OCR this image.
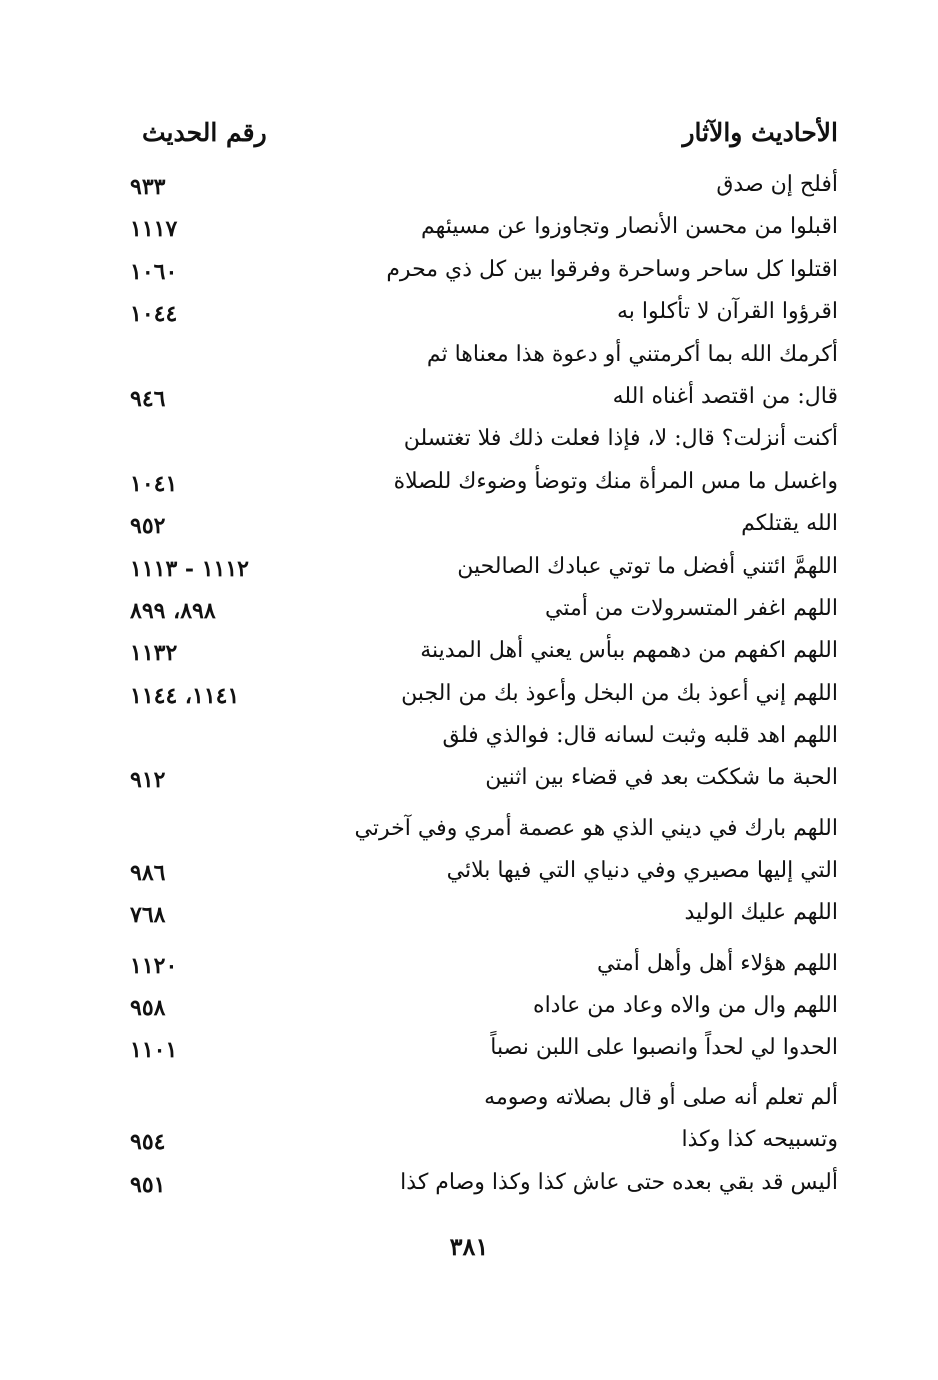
الأحاديث والآثار
رقم الحديث
أفلح إن صدق
٩٣٣
اقبلوا من محسن الأنصار وتجاوزوا عن مسيئهم
١١١٧
اقتلوا كل ساحر وساحرة وفرقوا بين كل ذي محرم
١٠٦٠
اقرؤوا القرآن لا تأكلوا به
١٠٤٤
أكرمك الله بما أكرمتني أو دعوة هذا معناها ثم
قال: من اقتصد أغناه الله
٩٤٦
أكنت أنزلت؟ قال: لا، فإذا فعلت ذلك فلا تغتسلن
واغسل ما مس المرأة منك وتوضأ وضوءك للصلاة
١٠٤١
الله يقتلكم
٩٥٢
اللهمَّ ائتني أفضل ما توتي عبادك الصالحين
١١١٢ - ١١١٣
اللهم اغفر المتسرولات من أمتي
٨٩٨، ٨٩٩
اللهم اكفهم من دهمهم ببأس يعني أهل المدينة
١١٣٢
اللهم إني أعوذ بك من البخل وأعوذ بك من الجبن
١١٤١، ١١٤٤
اللهم اهد قلبه وثبت لسانه قال: فوالذي فلق
الحبة ما شككت بعد في قضاء بين اثنين
٩١٢
اللهم بارك في ديني الذي هو عصمة أمري وفي آخرتي
التي إليها مصيري وفي دنياي التي فيها بلائي
٩٨٦
اللهم عليك الوليد
٧٦٨
اللهم هؤلاء أهل وأهل أمتي
١١٢٠
اللهم وال من والاه وعاد من عاداه
٩٥٨
الحدوا لي لحداً وانصبوا على اللبن نصباً
١١٠١
ألم تعلم أنه صلى أو قال بصلاته وصومه
وتسبيحه كذا وكذا
٩٥٤
أليس قد بقي بعده حتى عاش كذا وكذا وصام كذا
٩٥١
٣٨١
